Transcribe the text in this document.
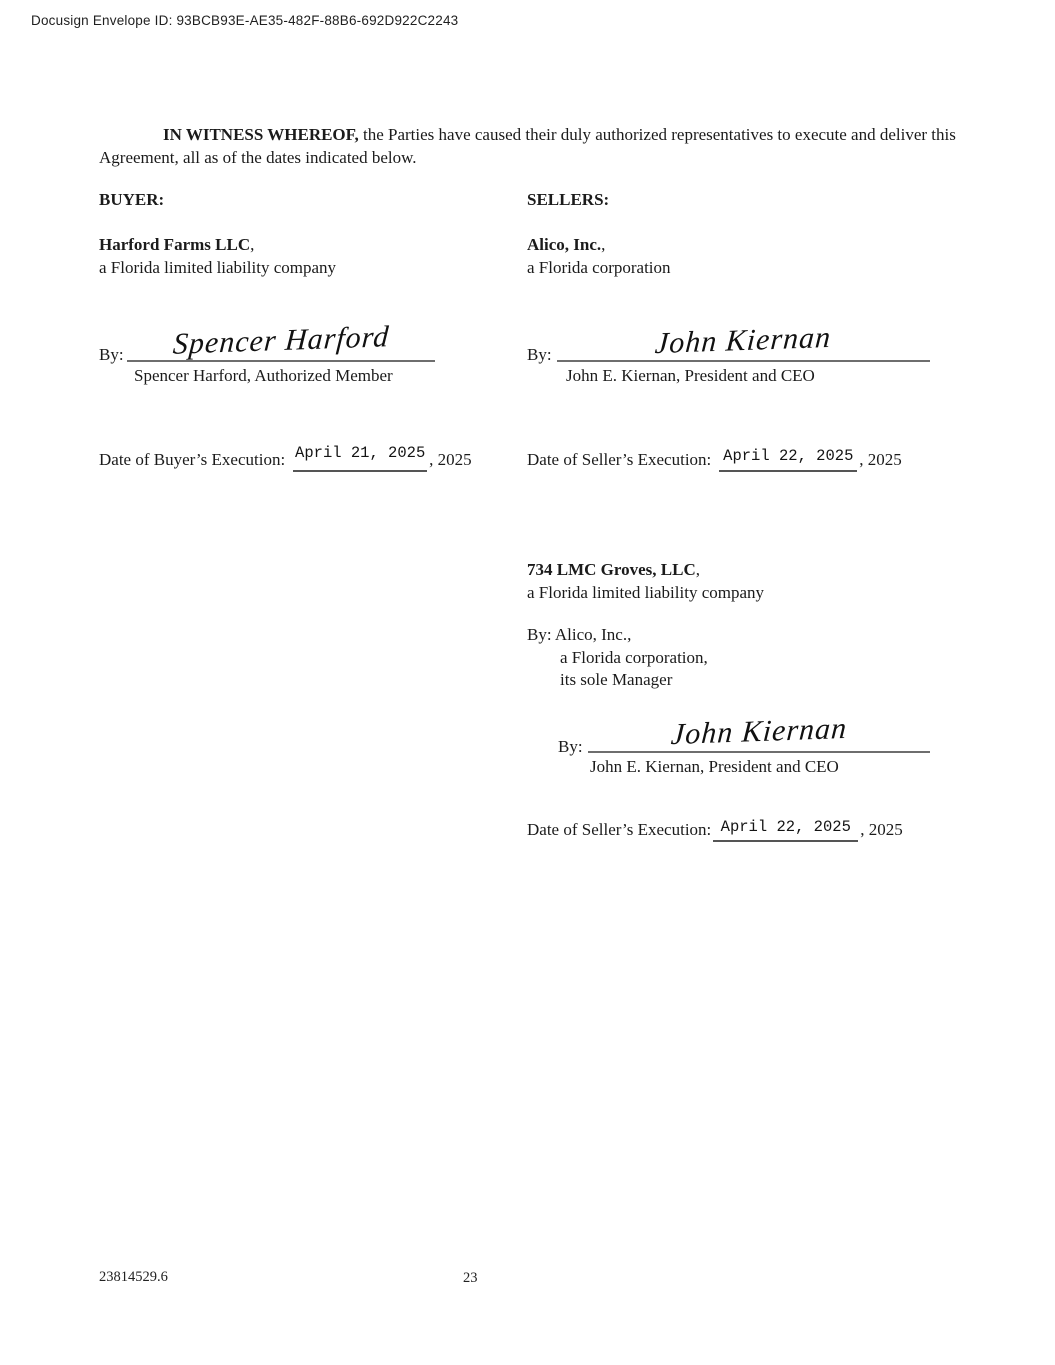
Docusign Envelope ID: 93BCB93E-AE35-482F-88B6-692D922C2243

IN WITNESS WHEREOF, the Parties have caused their duly authorized representatives to execute and deliver this Agreement, all as of the dates indicated below.

BUYER:	SELLERS:
Harford Farms LLC,
a Florida limited liability company
Alico, Inc.,
a Florida corporation
By: Spencer Harford
Spencer Harford, Authorized Member
By:	John Kiernan
John E. Kiernan, President and CEO
Date of Buyer’s Execution: April 21, 2025 , 2025	Date of Seller’s Execution: April 22, 2025 , 2025
734 LMC Groves, LLC,
a Florida limited liability company
By: Alico, Inc.,
a Florida corporation,
its sole Manager
By:	John Kiernan
John E. Kiernan, President and CEO
Date of Seller’s Execution: April 22, 2025 , 2025
23814529.6	23
